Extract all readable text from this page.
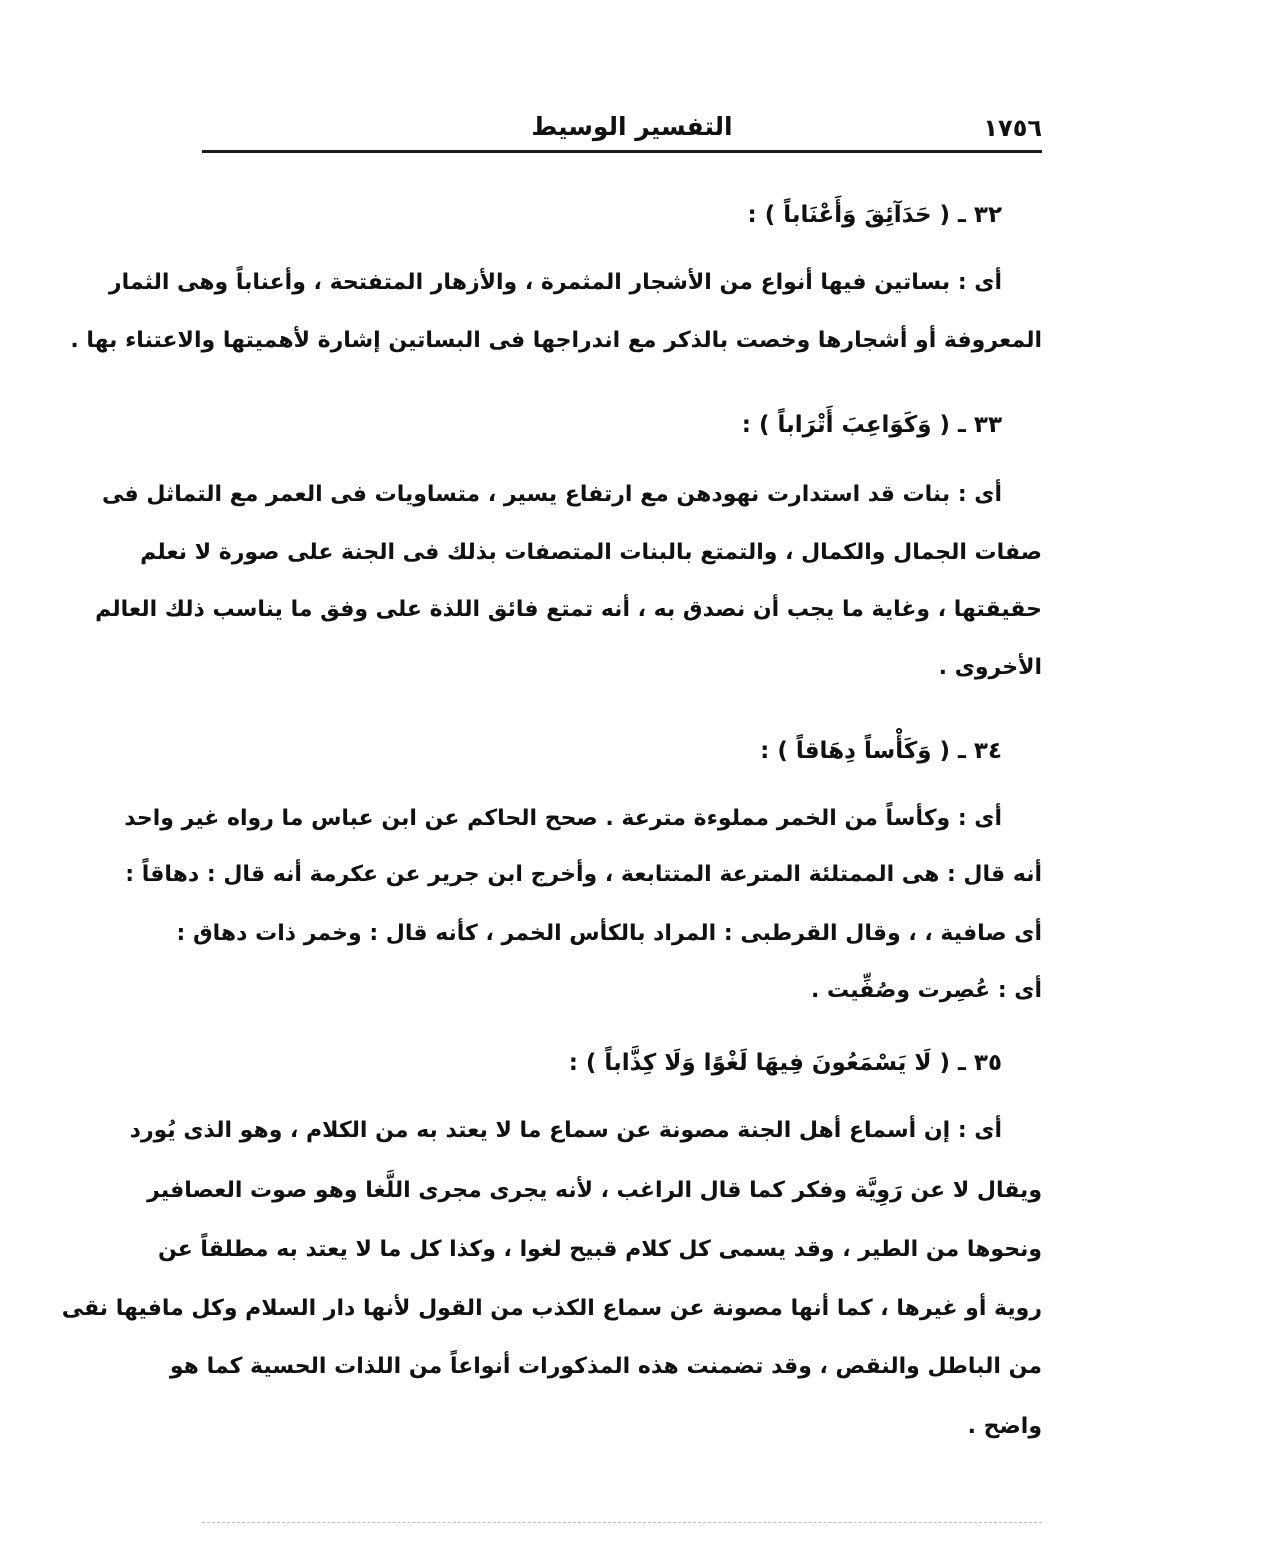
١٧٥٦
التفسير الوسيط
٣٢ ـ ( حَدَآئِقَ وَأَعْنَاباً ) :
أى : بساتين فيها أنواع من الأشجار المثمرة ، والأزهار المتفتحة ، وأعناباً وهى الثمار
المعروفة أو أشجارها وخصت بالذكر مع اندراجها فى البساتين إشارة لأهميتها والاعتناء بها .
٣٣ ـ ( وَكَوَاعِبَ أَتْرَاباً ) :
أى : بنات قد استدارت نهودهن مع ارتفاع يسير ، متساويات فى العمر مع التماثل فى
صفات الجمال والكمال ، والتمتع بالبنات المتصفات بذلك فى الجنة على صورة لا نعلم
حقيقتها ، وغاية ما يجب أن نصدق به ، أنه تمتع فائق اللذة على وفق ما يناسب ذلك العالم
الأخروى .
٣٤ ـ ( وَكَأْساً دِهَاقاً ) :
أى : وكأساً من الخمر مملوءة مترعة . صحح الحاكم عن ابن عباس ما رواه غير واحد
أنه قال : هى الممتلئة المترعة المتتابعة ، وأخرج ابن جرير عن عكرمة أنه قال : دهاقاً :
أى صافية ، ، وقال القرطبى : المراد بالكأس الخمر ، كأنه قال : وخمر ذات دهاق :
أى : عُصِرت وصُفِّيت .
٣٥ ـ ( لَا يَسْمَعُونَ فِيهَا لَغْوًا وَلَا كِذَّاباً ) :
أى : إن أسماع أهل الجنة مصونة عن سماع ما لا يعتد به من الكلام ، وهو الذى يُورد
ويقال لا عن رَوِيَّة وفكر كما قال الراغب ، لأنه يجرى مجرى اللَّغا وهو صوت العصافير
ونحوها من الطير ، وقد يسمى كل كلام قبيح لغوا ، وكذا كل ما لا يعتد به مطلقاً عن
روية أو غيرها ، كما أنها مصونة عن سماع الكذب من القول لأنها دار السلام وكل مافيها نقى
من الباطل والنقص ، وقد تضمنت هذه المذكورات أنواعاً من اللذات الحسية كما هو
واضح .
